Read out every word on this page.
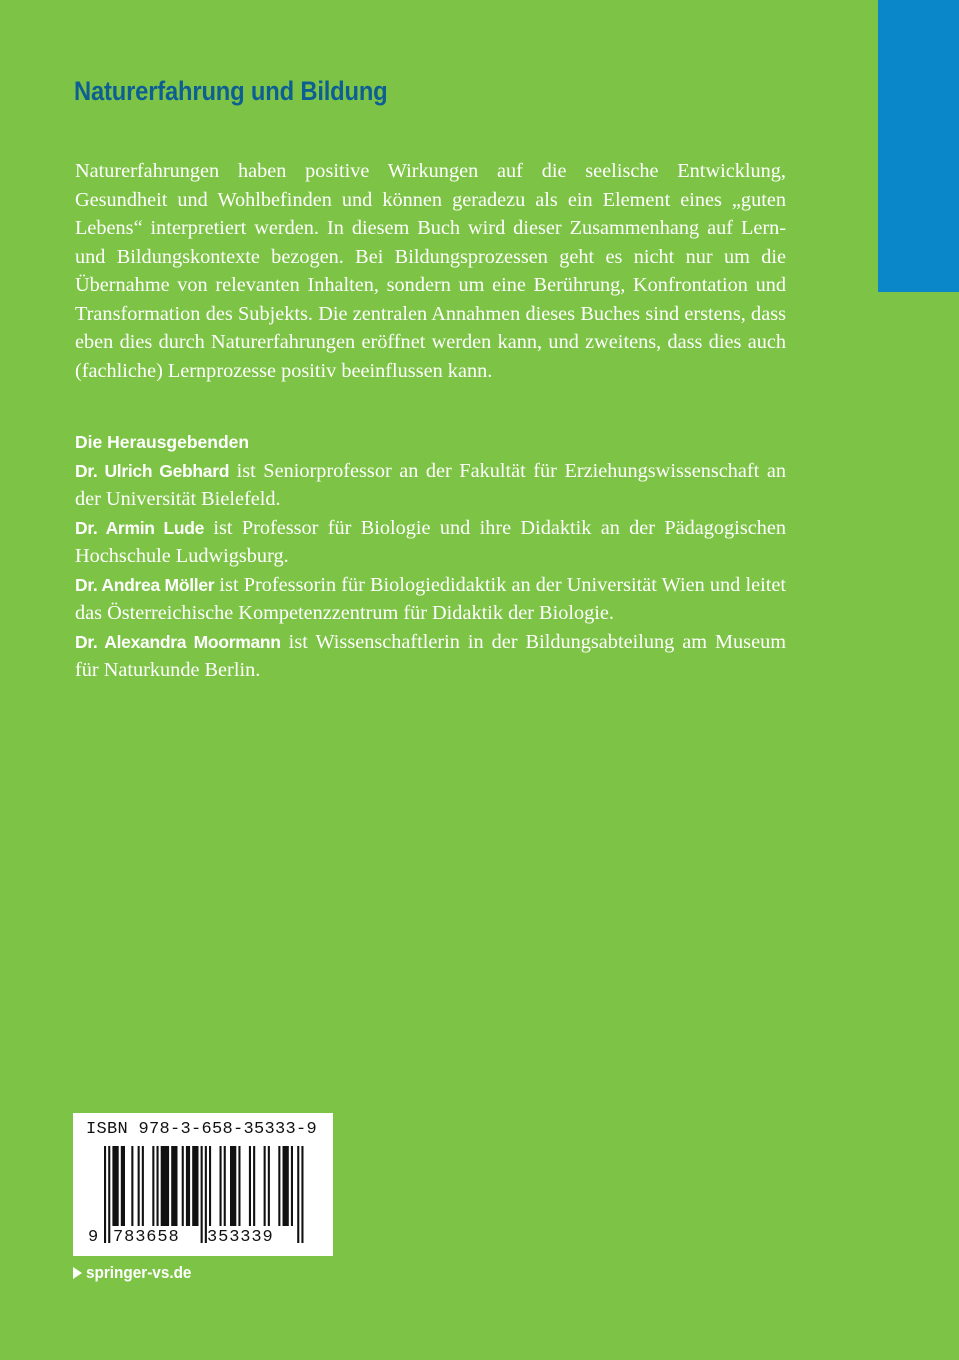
Naturerfahrung und Bildung

Naturerfahrungen haben positive Wirkungen auf die seelische Entwicklung, Gesundheit und Wohlbefinden und können geradezu als ein Element eines „guten Lebens“ interpretiert werden. In diesem Buch wird dieser Zusammenhang auf Lern- und Bildungskontexte bezogen. Bei Bildungsprozessen geht es nicht nur um die Übernahme von relevanten Inhalten, sondern um eine Berührung, Konfrontation und Transformation des Subjekts. Die zentralen Annahmen dieses Buches sind erstens, dass eben dies durch Naturerfahrungen eröffnet werden kann, und zweitens, dass dies auch (fachliche) Lernprozesse positiv beeinflussen kann.

Die Herausgebenden

Dr. Ulrich Gebhard ist Seniorprofessor an der Fakultät für Erziehungswissenschaft an der Universität Bielefeld.

Dr. Armin Lude ist Professor für Biologie und ihre Didaktik an der Pädagogischen Hochschule Ludwigsburg.

Dr. Andrea Möller ist Professorin für Biologiedidaktik an der Universität Wien und leitet das Österreichische Kompetenzzentrum für Didaktik der Biologie.

Dr. Alexandra Moormann ist Wissenschaftlerin in der Bildungsabteilung am Museum für Naturkunde Berlin.

ISBN 978-3-658-35333-9

9 783658 353339
springer-vs.de
